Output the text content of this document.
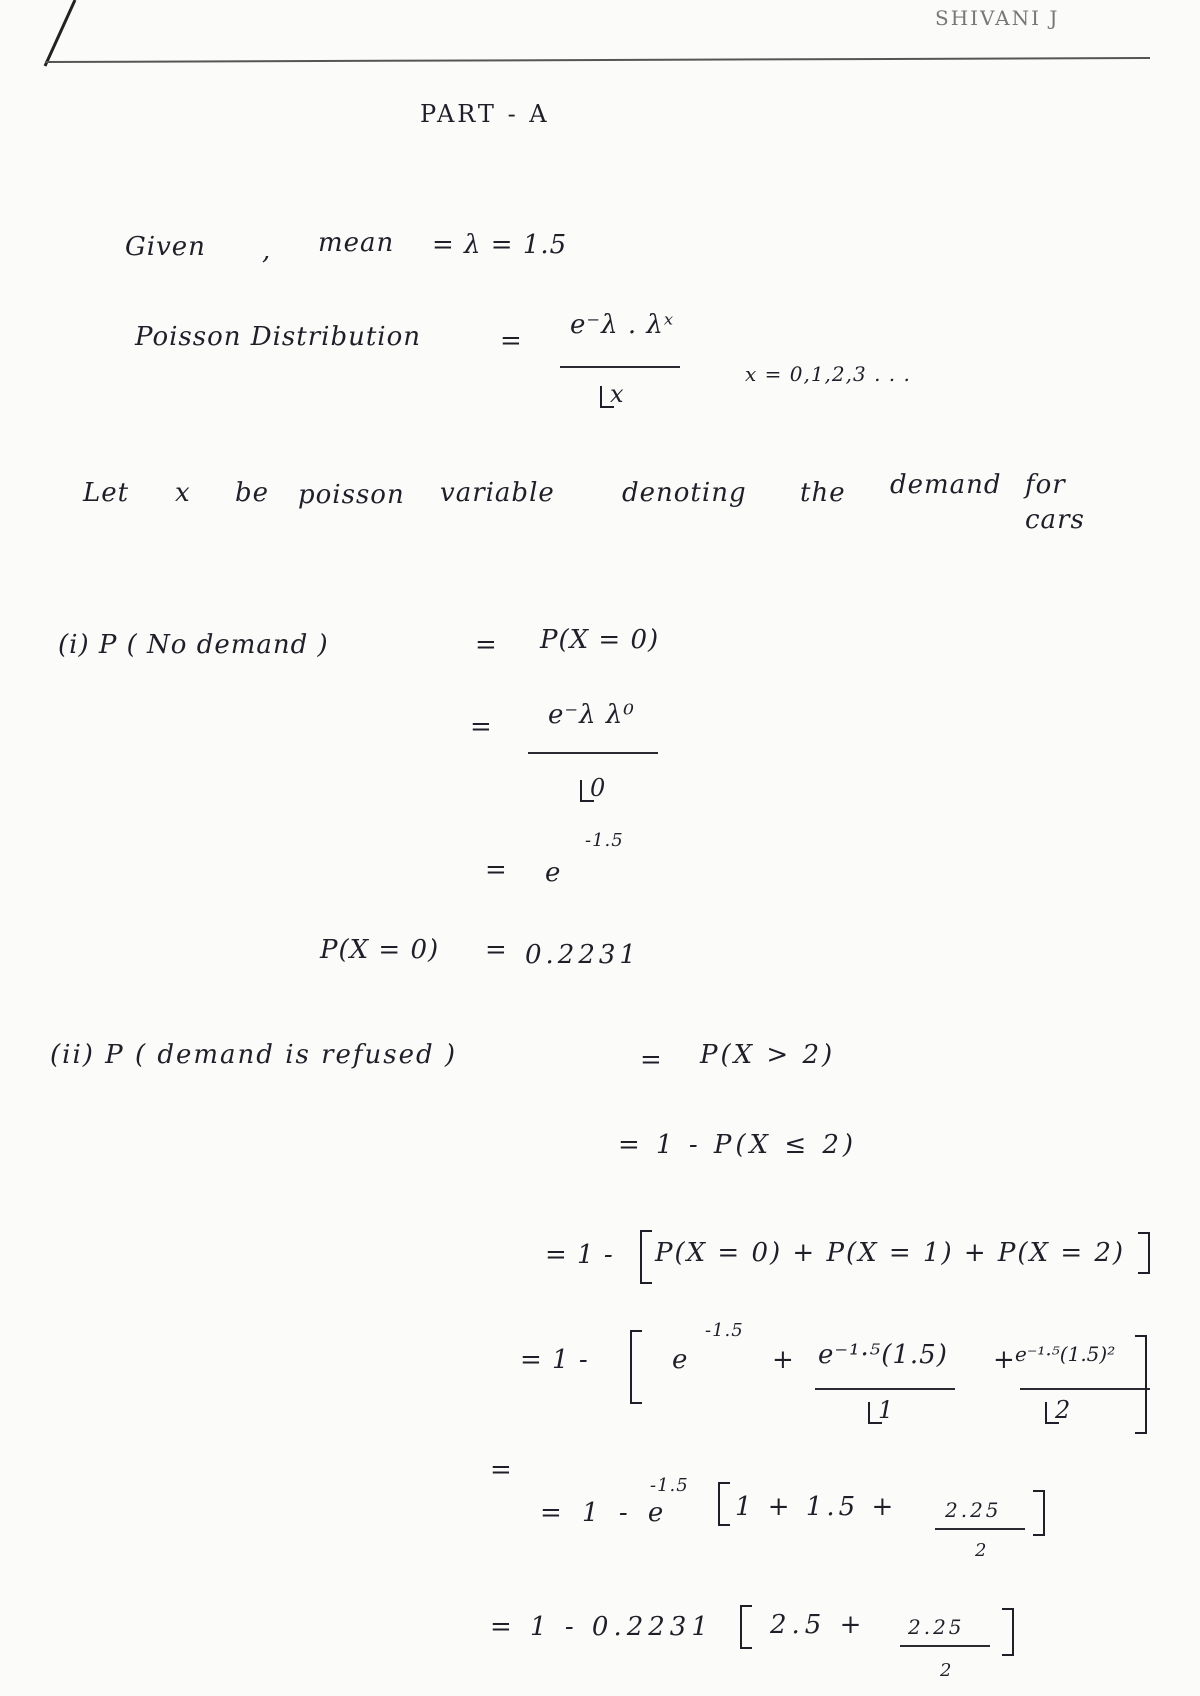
SHIVANI J
PART - A
Given , mean = λ = 1.5
Poisson Distribution	=
e⁻λ . λˣ
x
x = 0,1,2,3 . . .
Let x be poisson variable	denoting the demand for
cars
(i) P ( No demand )	= P(X = 0)
= e⁻λ λ⁰
0
= e
-1.5
P(X = 0) = 0.2231
(ii) P ( demand is refused )	= P(X > 2)
= 1 - P(X ≤ 2)
= 1 - P(X = 0) + P(X = 1) + P(X = 2)
= 1 -	e
-1.5
+ e⁻¹·⁵(1.5)
1
+ e⁻¹·⁵(1.5)²
2
=
= 1 - e
-1.5
1 + 1.5 + 2.25
2
= 1 - 0.2231 2.5 + 2.25
2
